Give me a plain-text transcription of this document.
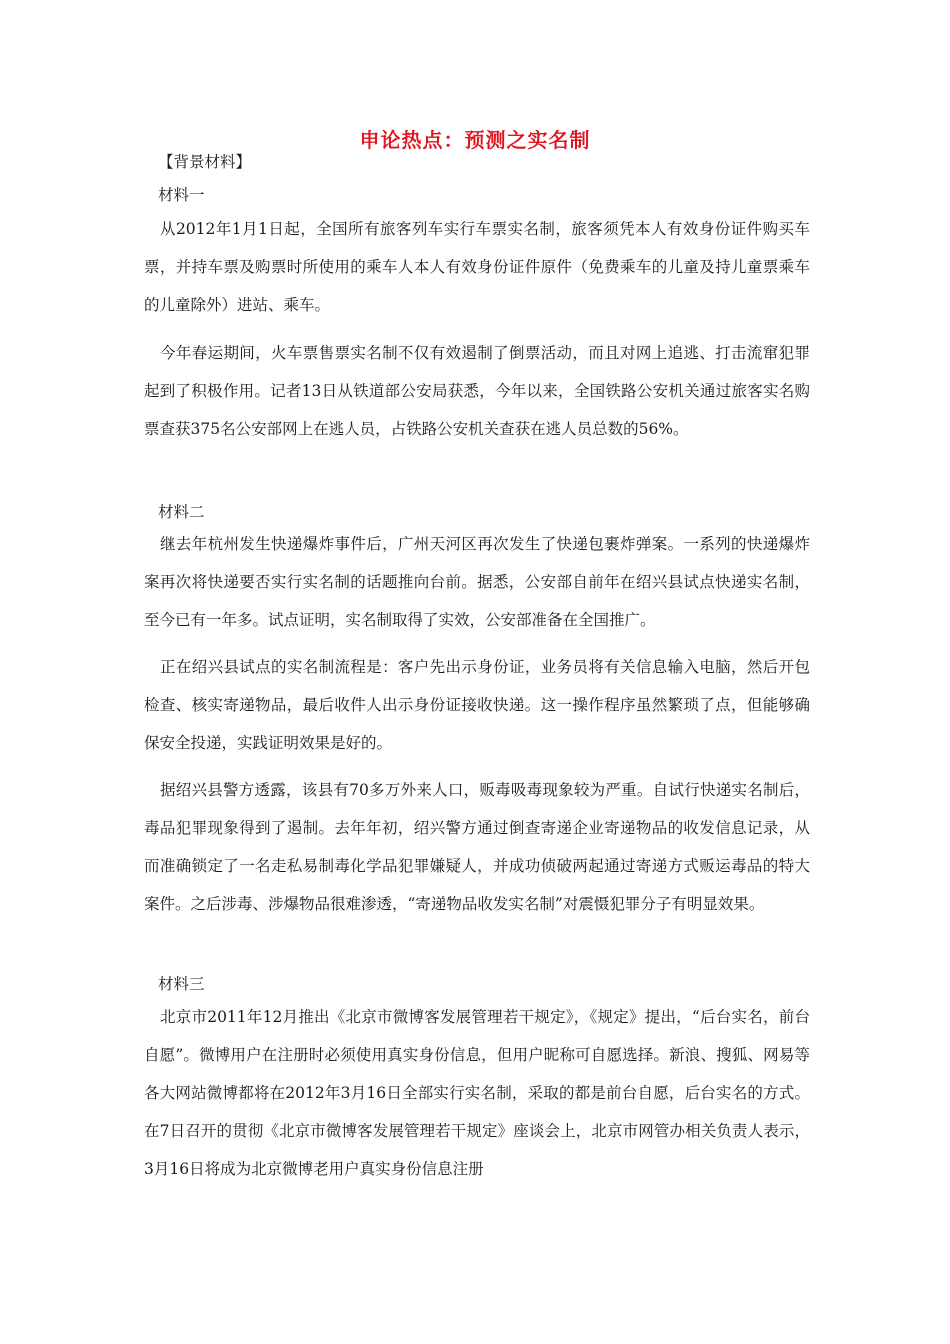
申论热点：预测之实名制
【背景材料】
材料一

从2012年1月1日起，全国所有旅客列车实行车票实名制，旅客须凭本人有效身份证件购买车票，并持车票及购票时所使用的乘车人本人有效身份证件原件（免费乘车的儿童及持儿童票乘车的儿童除外）进站、乘车。

今年春运期间，火车票售票实名制不仅有效遏制了倒票活动，而且对网上追逃、打击流窜犯罪起到了积极作用。记者13日从铁道部公安局获悉，今年以来，全国铁路公安机关通过旅客实名购票查获375名公安部网上在逃人员，占铁路公安机关查获在逃人员总数的56%。

材料二

继去年杭州发生快递爆炸事件后，广州天河区再次发生了快递包裹炸弹案。一系列的快递爆炸案再次将快递要否实行实名制的话题推向台前。据悉，公安部自前年在绍兴县试点快递实名制，至今已有一年多。试点证明，实名制取得了实效，公安部准备在全国推广。

正在绍兴县试点的实名制流程是：客户先出示身份证，业务员将有关信息输入电脑，然后开包检查、核实寄递物品，最后收件人出示身份证接收快递。这一操作程序虽然繁琐了点，但能够确保安全投递，实践证明效果是好的。

据绍兴县警方透露，该县有70多万外来人口，贩毒吸毒现象较为严重。自试行快递实名制后，毒品犯罪现象得到了遏制。去年年初，绍兴警方通过倒查寄递企业寄递物品的收发信息记录，从而准确锁定了一名走私易制毒化学品犯罪嫌疑人，并成功侦破两起通过寄递方式贩运毒品的特大案件。之后涉毒、涉爆物品很难渗透，“寄递物品收发实名制”对震慑犯罪分子有明显效果。

材料三

北京市2011年12月推出《北京市微博客发展管理若干规定》，《规定》提出，“后台实名，前台自愿”。微博用户在注册时必须使用真实身份信息，但用户昵称可自愿选择。新浪、搜狐、网易等各大网站微博都将在2012年3月16日全部实行实名制，采取的都是前台自愿，后台实名的方式。在7日召开的贯彻《北京市微博客发展管理若干规定》座谈会上，北京市网管办相关负责人表示，3月16日将成为北京微博老用户真实身份信息注册
